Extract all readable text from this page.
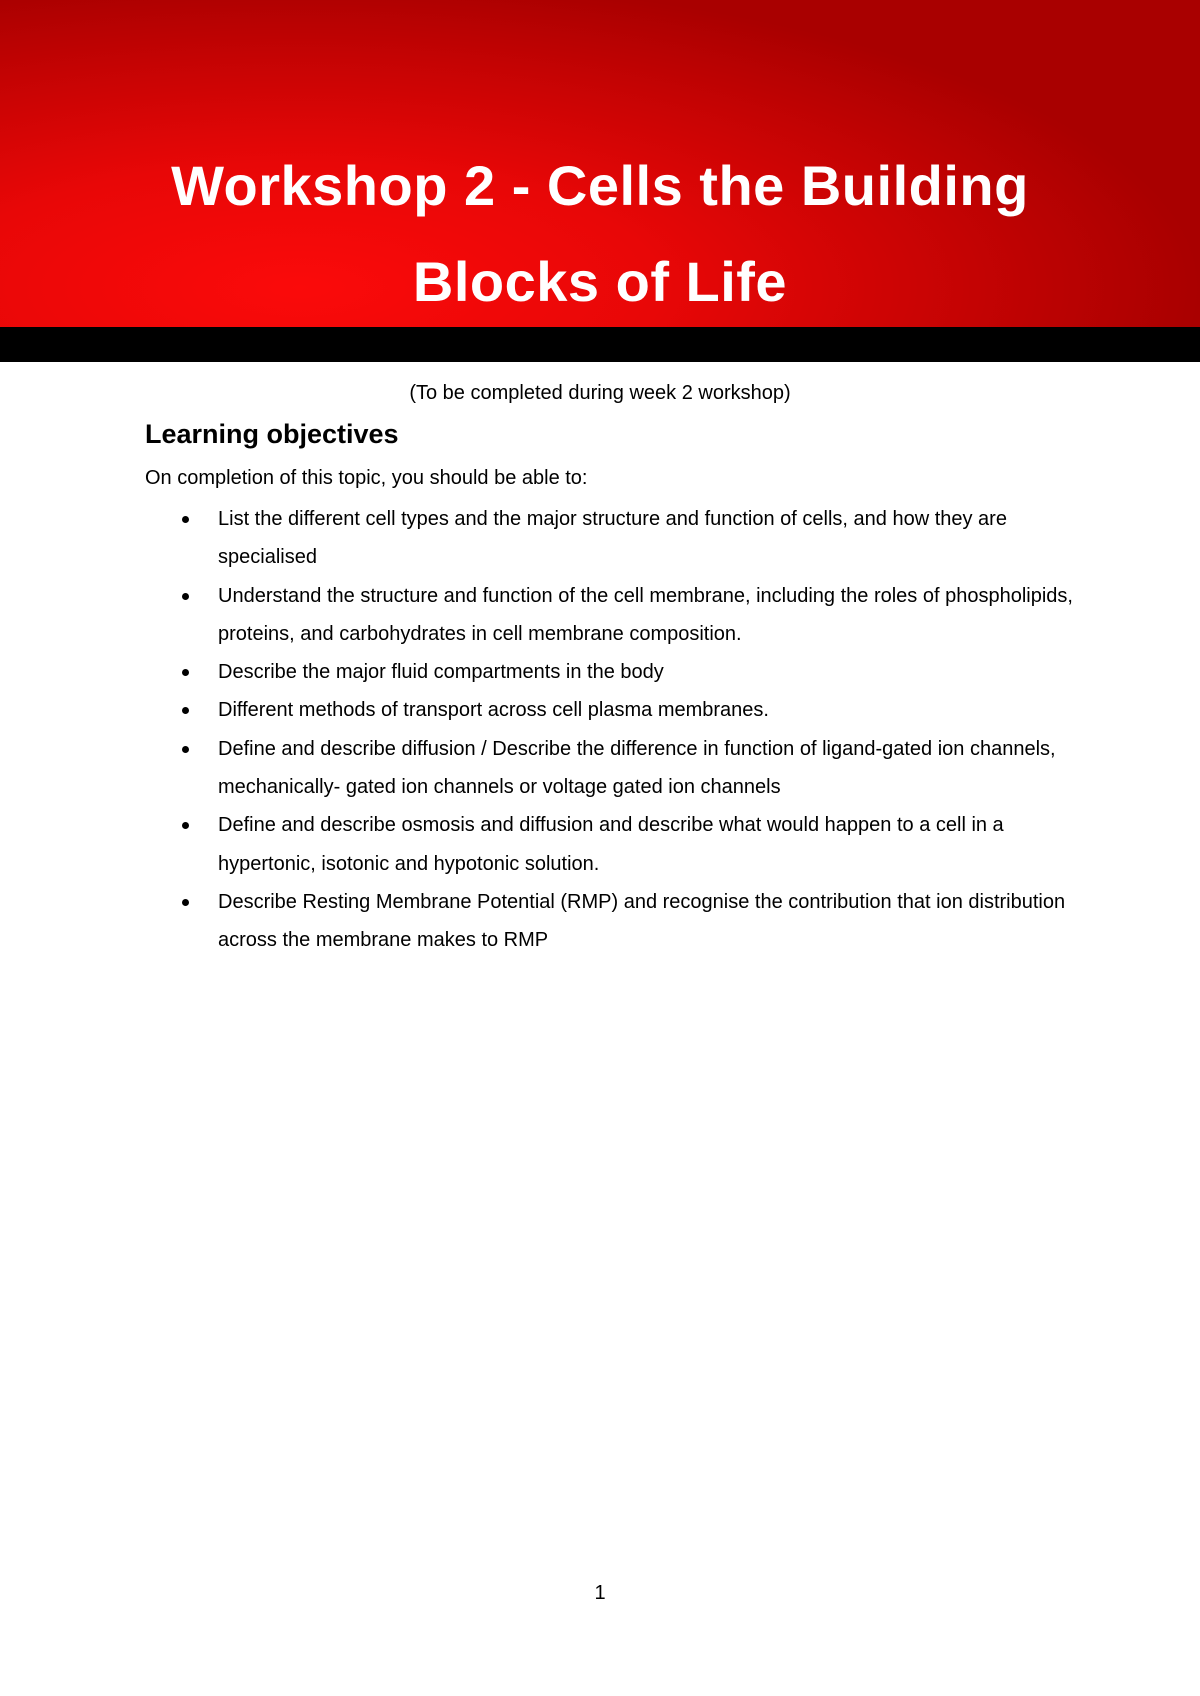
Workshop 2 - Cells the Building
Blocks of Life
(To be completed during week 2 workshop)
Learning objectives
On completion of this topic, you should be able to:
List the different cell types and the major structure and function of cells, and how they are specialised
Understand the structure and function of the cell membrane, including the roles of phospholipids, proteins, and carbohydrates in cell membrane composition.
Describe the major fluid compartments in the body
Different methods of transport across cell plasma membranes.
Define and describe diffusion / Describe the difference in function of ligand-gated ion channels, mechanically- gated ion channels or voltage gated ion channels
Define and describe osmosis and diffusion and describe what would happen to a cell in a hypertonic, isotonic and hypotonic solution.
Describe Resting Membrane Potential (RMP) and recognise the contribution that ion distribution across the membrane makes to RMP
1
